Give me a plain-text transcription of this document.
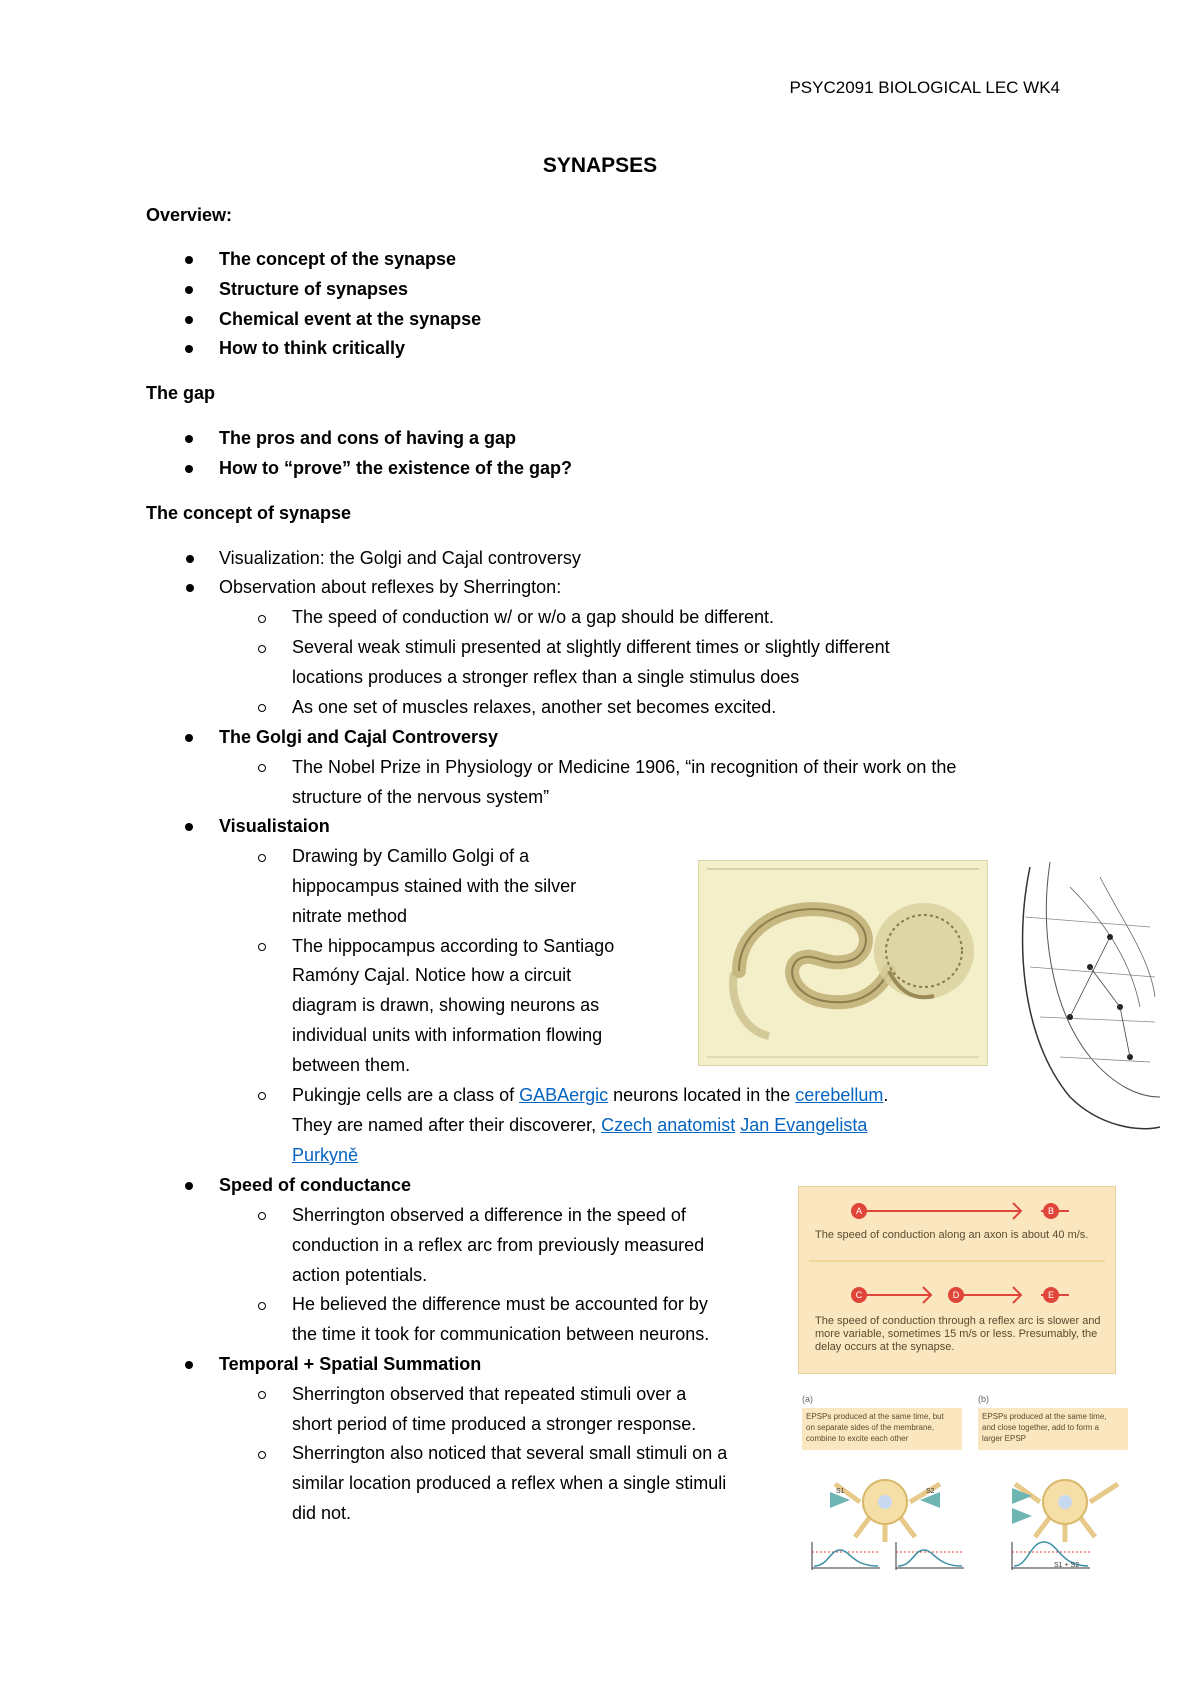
PSYC2091 BIOLOGICAL LEC WK4
SYNAPSES
Overview:
The concept of the synapse
Structure of synapses
Chemical event at the synapse
How to think critically
The gap
The pros and cons of having a gap
How to “prove” the existence of the gap?
The concept of synapse
Visualization: the Golgi and Cajal controversy
Observation about reflexes by Sherrington:
The speed of conduction w/ or w/o a gap should be different.
Several weak stimuli presented at slightly different times or slightly different
locations produces a stronger reflex than a single stimulus does
As one set of muscles relaxes, another set becomes excited.
The Golgi and Cajal Controversy
The Nobel Prize in Physiology or Medicine 1906, “in recognition of their work on the
structure of the nervous system”
Visualistaion
Drawing by Camillo Golgi of a
hippocampus stained with the silver
nitrate method
The hippocampus according to Santiago
Ramóny Cajal. Notice how a circuit
diagram is drawn, showing neurons as
individual units with information flowing
between them.
Pukingje cells are a class of GABAergic neurons located in the cerebellum.
They are named after their discoverer, Czech anatomist Jan Evangelista
Purkyně
Speed of conductance
Sherrington observed a difference in the speed of
conduction in a reflex arc from previously measured
action potentials.
He believed the difference must be accounted for by
the time it took for communication between neurons.
Temporal + Spatial Summation
Sherrington observed that repeated stimuli over a
short period of time produced a stronger response.
Sherrington also noticed that several small stimuli on a
similar location produced a reflex when a single stimuli
did not.
A	B
C	D	E
The speed of conduction along an axon is about 40 m/s.
The speed of conduction through a reflex arc is slower and
more variable, sometimes 15 m/s or less. Presumably, the
delay occurs at the synapse.
(a)	(b)
EPSPs produced at the same time, but
on separate sides of the membrane,
combine to excite each other
EPSPs produced at the same time,
and close together, add to form a
larger EPSP
S1	S2
S1 + S2
